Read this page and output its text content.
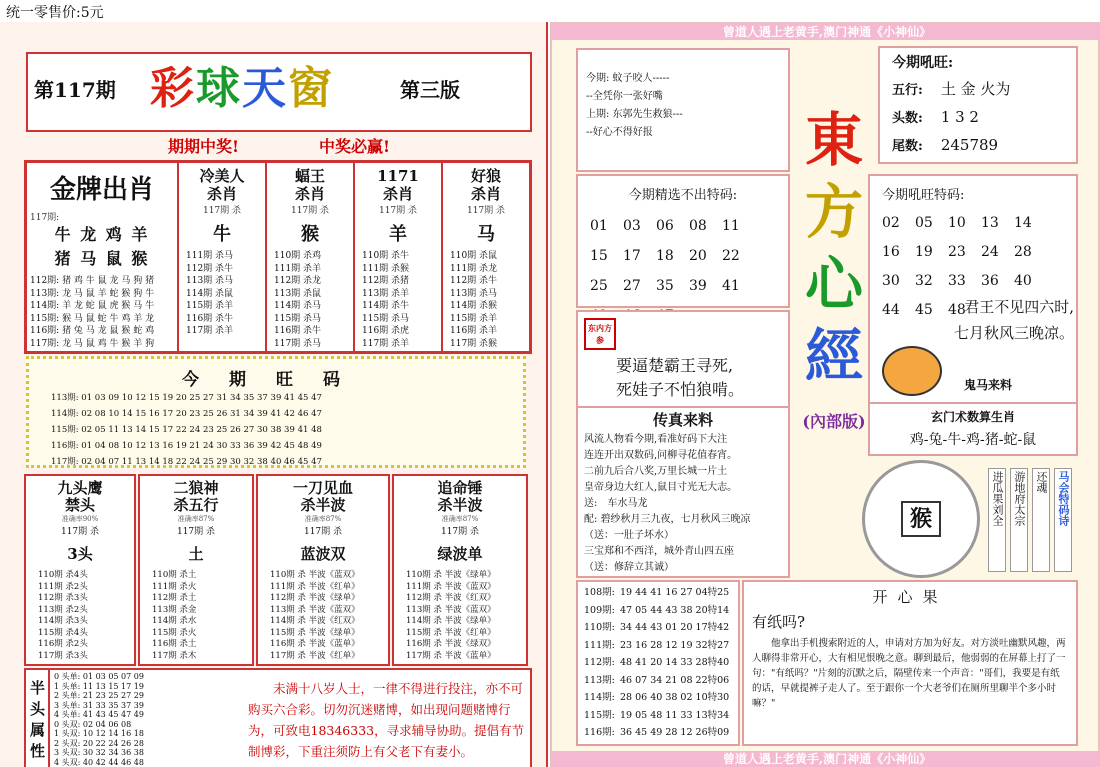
统一零售价:5元
第117期 彩球天窗	第三版
期期中奖!	中奖必赢!
金牌出肖
117期:
牛 龙 鸡 羊
猪 马 鼠 猴
112期: 猪 鸡 牛 鼠 龙 马 狗 猪
113期: 龙 马 鼠 羊 蛇 猴 狗 牛
114期: 羊 龙 蛇 鼠 虎 猴 马 牛
115期: 猴 马 鼠 蛇 牛 鸡 羊 龙
116期: 猪 兔 马 龙 鼠 猴 蛇 鸡
117期: 龙 马 鼠 鸡 牛 猴 羊 狗
冷美人
杀肖
117期 杀
牛
111期 杀马
112期 杀牛
113期 杀马
114期 杀鼠
115期 杀羊
116期 杀牛
117期 杀羊
蝠王
杀肖
117期 杀
猴
110期 杀鸡
111期 杀羊
112期 杀龙
113期 杀鼠
114期 杀马
115期 杀马
116期 杀牛
117期 杀马
1171
杀肖
117期 杀
羊
110期 杀牛
111期 杀猴
112期 杀猪
113期 杀羊
114期 杀牛
115期 杀马
116期 杀虎
117期 杀羊
好狼
杀肖
117期 杀
马
110期 杀鼠
111期 杀龙
112期 杀牛
113期 杀马
114期 杀猴
115期 杀羊
116期 杀羊
117期 杀猴
今期旺码
113期: 01 03 09 10 12 15 19 20 25 27 31 34 35 37 39 41 45 47
114期: 02 08 10 14 15 16 17 20 23 25 26 31 34 39 41 42 46 47
115期: 02 05 11 13 14 15 17 22 24 23 25 26 27 30 38 39 41 48
116期: 01 04 08 10 12 13 16 19 21 24 30 33 36 39 42 45 48 49
117期: 02 04 07 11 13 14 18 22 24 25 29 30 32 38 40 46 45 47
九头鹰
禁头
准确率90%
117期 杀
3头
110期 杀4头
111期 杀2头
112期 杀3头
113期 杀2头
114期 杀3头
115期 杀4头
116期 杀2头
117期 杀3头
二狼神
杀五行
准确率87%
117期 杀
土
110期 杀土
111期 杀火
112期 杀土
113期 杀金
114期 杀水
115期 杀火
116期 杀土
117期 杀木
一刀见血
杀半波
准确率87%
117期 杀
蓝波双
110期 杀 半波《蓝双》
111期 杀 半波《红单》
112期 杀 半波《绿单》
113期 杀 半波《蓝双》
114期 杀 半波《红双》
115期 杀 半波《绿单》
116期 杀 半波《蓝单》
117期 杀 半波《红单》
追命锤
杀半波
准确率87%
117期 杀
绿波单
110期 杀 半波《绿单》
111期 杀 半波《蓝双》
112期 杀 半波《红双》
113期 杀 半波《蓝双》
114期 杀 半波《绿单》
115期 杀 半波《红单》
116期 杀 半波《绿双》
117期 杀 半波《蓝单》
半头属性
0 头单: 01 03 05 07 09
1 头单: 11 13 15 17 19
2 头单: 21 23 25 27 29
3 头单: 31 33 35 37 39
4 头单: 41 43 45 47 49
0 头双: 02 04 06 08
1 头双: 10 12 14 16 18
2 头双: 20 22 24 26 28
3 头双: 30 32 34 36 38
4 头双: 40 42 44 46 48
未满十八岁人士，一律不得进行投注，亦不可购买六合彩。切勿沉迷赌博，如出现问题赌博行为，可致电18346333，寻求辅导协助。提倡有节制博彩，下重注须防上有父老下有妻小。
曾道人遇上老黄手,澳门神通《小神仙》
今期: 蚊子咬人-----
--全凭你一张好嘴
上期: 东郭先生救狼---
--好心不得好报
今期精选不出特码:
01	03	06	08	11
15	17	18	20	22
25	27	35	39	41
东内方参
要逼楚霸王寻死,
死娃子不怕狼啃。
传真来料
风流人物看今期,看准好码下大注
连连开出双数码,问柳寻花值春宵。
二前九后合八奖,万里长城一片土
皇帝身边大红人,鼠目寸光无大志。
送:　车水马龙
配: 碧纱秋月三九夜，七月秋风三晚凉
（送：一肚子坏水）
三宝郑和不西洋，城外青山四五座
（送：修辞立其诚）
東
方
心
經
(內部版)
今期吼旺:
五行: 土 金 火为
头数: 1 3 2
尾数: 245789
今期吼旺特码:
02	05	10	13	14
16	19	23	24	28
30	32	33	36	40
44	45	48
君王不见四六时,
七月秋风三晚凉。
鬼马来料
玄门术数算生肖
鸡-兔-牛-鸡-猪-蛇-鼠
猴	进瓜果刘全 游地府太宗 还魂 马会特码诗
108期: 19 44 41 16 27 04特25
109期: 47 05 44 43 38 20特14
110期: 34 44 43 01 20 17特42
111期: 23 16 28 12 19 32特27
112期: 48 41 20 14 33 28特40
113期: 46 07 34 21 08 22特06
114期: 28 06 40 38 02 10特30
115期: 19 05 48 11 33 13特34
116期: 36 45 49 28 12 26特09
开心果
有纸吗?
他拿出手机搜索附近的人，申请对方加为好友。对方淡吐幽默风趣，两人聊得非常开心，大有相见恨晚之意。聊到最后，他弱弱的在屏幕上打了一句："有纸吗？"片刻的沉默之后，隔壁传来一个声音："哥们，我要是有纸的话，早就提裤子走人了。至于跟你一个大老爷们在厕所里聊半个多小时嘛？"
曾道人遇上老黄手,澳门神通《小神仙》
